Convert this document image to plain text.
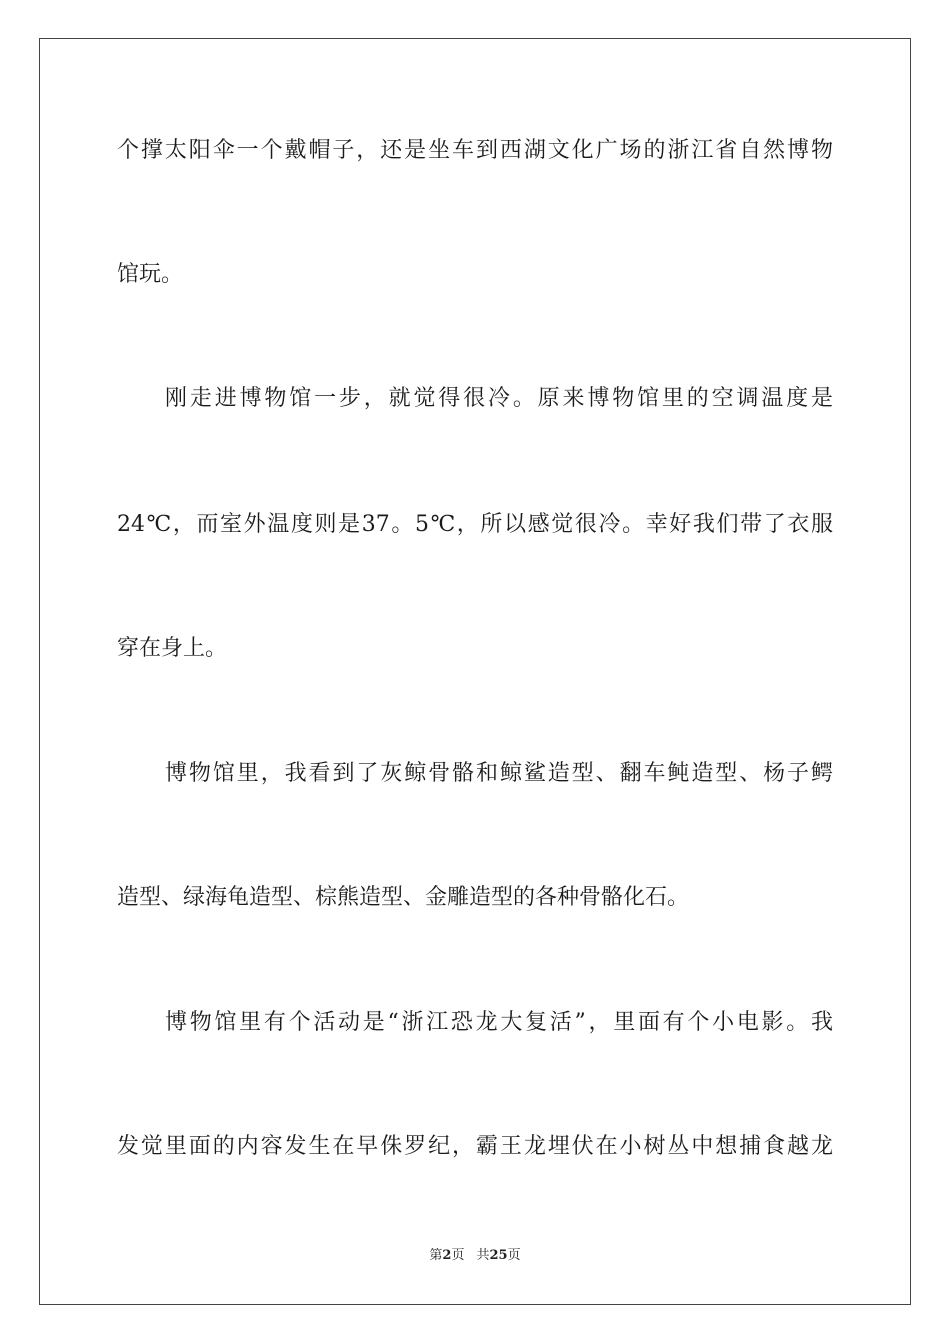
个撑太阳伞一个戴帽子，还是坐车到西湖文化广场的浙江省自然博物
馆玩。
刚走进博物馆一步，就觉得很冷。原来博物馆里的空调温度是
24℃，而室外温度则是37。5℃，所以感觉很冷。幸好我们带了衣服
穿在身上。
博物馆里，我看到了灰鲸骨骼和鲸鲨造型、翻车鲀造型、杨子鳄
造型、绿海龟造型、棕熊造型、金雕造型的各种骨骼化石。
博物馆里有个活动是“浙江恐龙大复活”，里面有个小电影。我
发觉里面的内容发生在早侏罗纪，霸王龙埋伏在小树丛中想捕食越龙
第2页 共25页
